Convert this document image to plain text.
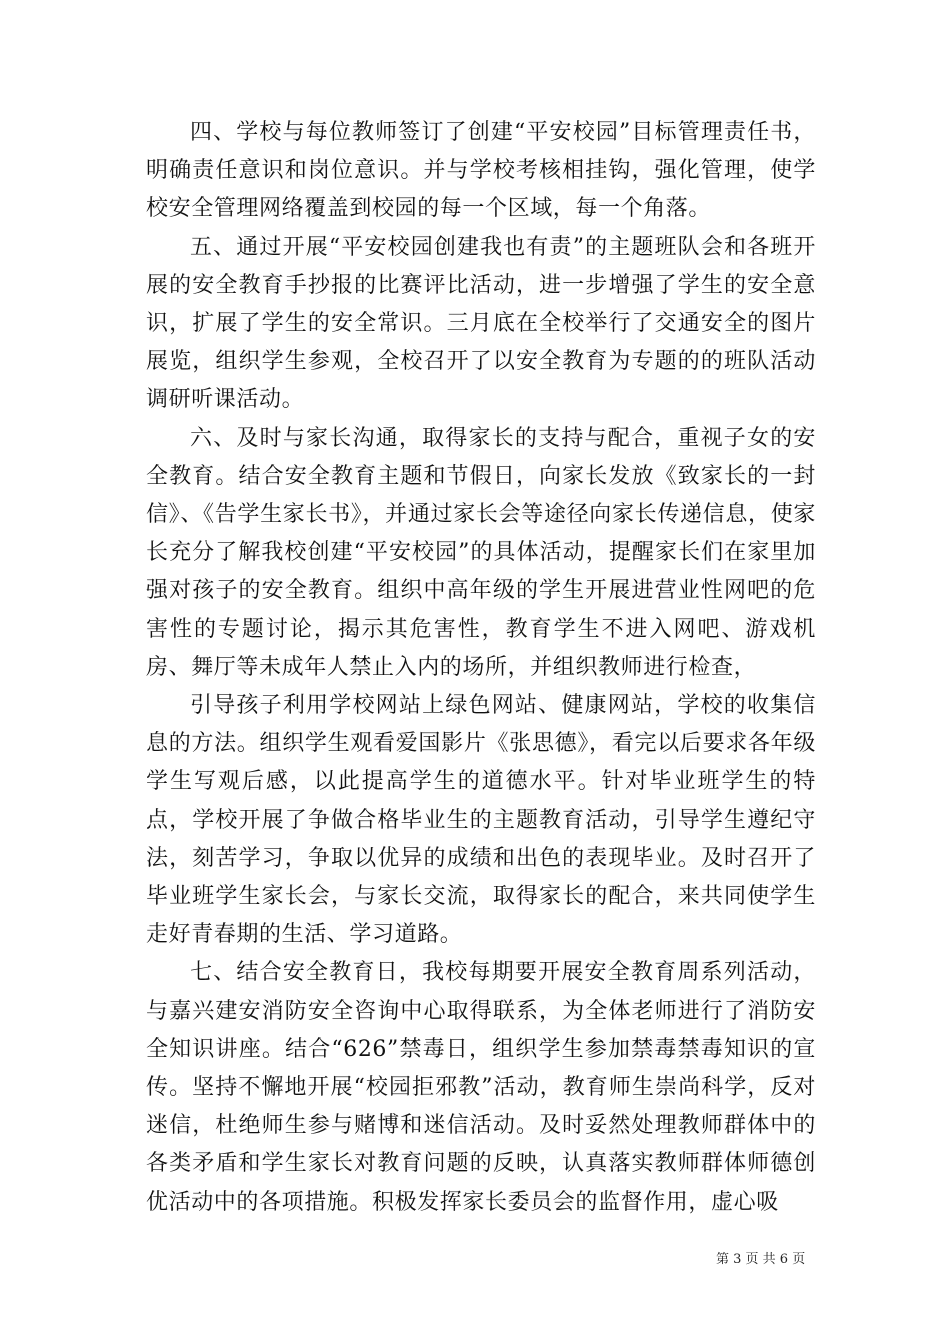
四、学校与每位教师签订了创建“平安校园”目标管理责任书，明确责任意识和岗位意识。并与学校考核相挂钩，强化管理，使学校安全管理网络覆盖到校园的每一个区域，每一个角落。

五、通过开展“平安校园创建我也有责”的主题班队会和各班开展的安全教育手抄报的比赛评比活动，进一步增强了学生的安全意识，扩展了学生的安全常识。三月底在全校举行了交通安全的图片展览，组织学生参观，全校召开了以安全教育为专题的的班队活动调研听课活动。

六、及时与家长沟通，取得家长的支持与配合，重视子女的安全教育。结合安全教育主题和节假日，向家长发放《致家长的一封信》、《告学生家长书》，并通过家长会等途径向家长传递信息，使家长充分了解我校创建“平安校园”的具体活动，提醒家长们在家里加强对孩子的安全教育。组织中高年级的学生开展进营业性网吧的危害性的专题讨论，揭示其危害性，教育学生不进入网吧、游戏机房、舞厅等未成年人禁止入内的场所，并组织教师进行检查，

引导孩子利用学校网站上绿色网站、健康网站，学校的收集信息的方法。组织学生观看爱国影片《张思德》，看完以后要求各年级学生写观后感，以此提高学生的道德水平。针对毕业班学生的特点，学校开展了争做合格毕业生的主题教育活动，引导学生遵纪守法，刻苦学习，争取以优异的成绩和出色的表现毕业。及时召开了毕业班学生家长会，与家长交流，取得家长的配合，来共同使学生走好青春期的生活、学习道路。

七、结合安全教育日，我校每期要开展安全教育周系列活动，与嘉兴建安消防安全咨询中心取得联系，为全体老师进行了消防安全知识讲座。结合“626”禁毒日，组织学生参加禁毒禁毒知识的宣传。坚持不懈地开展“校园拒邪教”活动，教育师生崇尚科学，反对迷信，杜绝师生参与赌博和迷信活动。及时妥然处理教师群体中的各类矛盾和学生家长对教育问题的反映，认真落实教师群体师德创优活动中的各项措施。积极发挥家长委员会的监督作用，虚心吸

第 3 页 共 6 页
